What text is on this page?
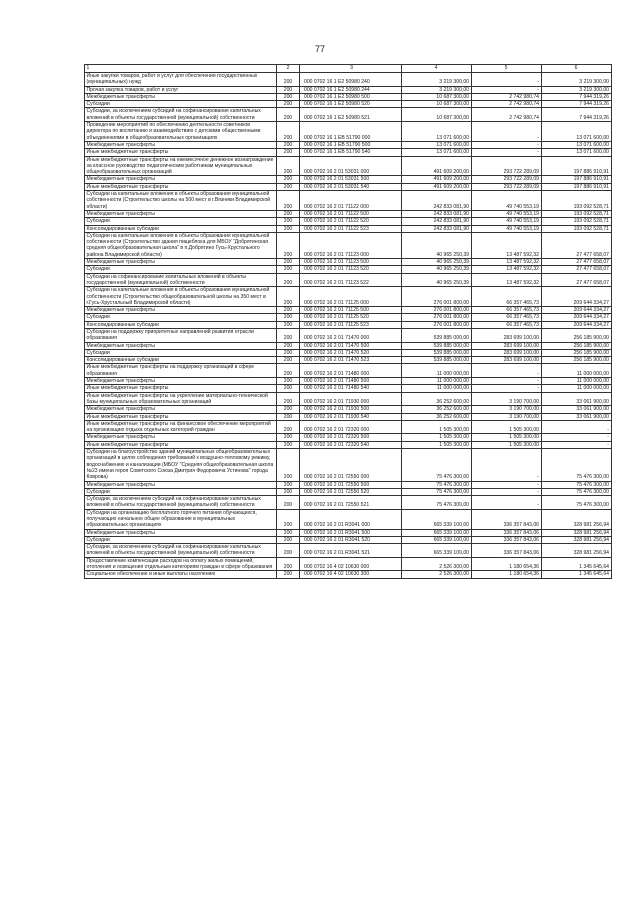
77
1	2	3	4	5	6
Иные закупки товаров, работ и услуг для обеспечения государственных (муниципальных) нужд	200	000 0702 16 1 E2 50980 240	3 219 300,00	-	3 219 300,00
Прочая закупка товаров, работ и услуг	200	000 0702 16 1 E2 50980 244	3 219 300,00	-	3 219 300,00
Межбюджетные трансферты	200	000 0702 16 1 E2 50980 500	10 687 300,00	2 742 980,74	7 944 319,26
Субсидии	200	000 0702 16 1 E2 50980 520	10 687 300,00	2 742 980,74	7 944 319,26
Субсидии, за исключением субсидий на софинансирование капитальных вложений в объекты государственной (муниципальной) собственности	200	000 0702 16 1 E2 50980 521	10 687 300,00	2 742 980,74	7 944 319,26
Проведение мероприятий по обеспечению деятельности советников директора по воспитанию и взаимодействию с детскими общественными объединениями в общеобразовательных организациях	200	000 0702 16 1 EB 51790 000	13 071 600,00	-	13 071 600,00
Межбюджетные трансферты	200	000 0702 16 1 EB 51790 500	13 071 600,00	-	13 071 600,00
Иные межбюджетные трансферты	200	000 0702 16 1 EB 51790 540	13 071 600,00	-	13 071 600,00
Иные межбюджетные трансферты на ежемесячное денежное вознаграждение за классное руководство педагогическим работникам муниципальных общеобразовательных организаций	200	000 0702 16 2 01 53031 000	491 609 200,00	293 722 289,09	197 886 910,91
Межбюджетные трансферты	200	000 0702 16 2 01 53031 500	491 609 200,00	293 722 289,09	197 886 910,91
Иные межбюджетные трансферты	200	000 0702 16 2 01 53031 540	491 609 200,00	293 722 289,09	197 886 910,91
Субсидии на капитальные вложения в объекты образования муниципальной собственности (Строительство школы на 500 мест в г.Вязники Владимирской области)	200	000 0702 16 2 01 71122 000	242 833 081,90	49 740 553,19	193 092 528,71
Межбюджетные трансферты	200	000 0702 16 2 01 71122 500	242 833 081,90	49 740 553,19	193 092 528,71
Субсидии	200	000 0702 16 2 01 71122 520	242 833 081,90	49 740 553,19	193 092 528,71
Консолидированные субсидии	200	000 0702 16 2 01 71122 523	242 833 081,90	49 740 553,19	193 092 528,71
Субсидии на капитальные вложения в объекты образования муниципальной собственности (Строительство здания пищеблока для МБОУ "Добрятинская средняя общеобразовательная школа" в п.Добрятино Гусь-Хрустального района Владимирской области)	200	000 0702 16 2 01 71123 000	40 965 250,39	13 487 592,32	27 477 658,07
Межбюджетные трансферты	200	000 0702 16 2 01 71123 500	40 965 250,39	13 487 592,32	27 477 658,07
Субсидии	200	000 0702 16 2 01 71123 520	40 965 250,39	13 487 592,32	27 477 658,07
Субсидии на софинансирование капитальных вложений в объекты государственной (муниципальной) собственности	200	000 0702 16 2 01 71123 522	40 965 250,39	13 487 592,32	27 477 658,07
Субсидии на капитальные вложения в объекты образования муниципальной собственности (Строительство общеобразовательной школы на 350 мест в г.Гусь-Хрустальный Владимирской области)	200	000 0702 16 2 01 71125 000	276 001 800,00	66 357 465,73	209 644 334,27
Межбюджетные трансферты	200	000 0702 16 2 01 71125 500	276 001 800,00	66 357 465,73	209 644 334,27
Субсидии	200	000 0702 16 2 01 71125 520	276 001 800,00	66 357 465,73	209 644 334,27
Консолидированные субсидии	200	000 0702 16 2 01 71125 523	276 001 800,00	66 357 465,73	209 644 334,27
Субсидии на поддержку приоритетных направлений развития отрасли образования	200	000 0702 16 2 01 71470 000	539 885 000,00	283 699 100,00	256 185 900,00
Межбюджетные трансферты	200	000 0702 16 2 01 71470 500	539 885 000,00	283 699 100,00	256 185 900,00
Субсидии	200	000 0702 16 2 01 71470 520	539 885 000,00	283 699 100,00	256 185 900,00
Консолидированные субсидии	200	000 0702 16 2 01 71470 523	539 885 000,00	283 699 100,00	256 185 900,00
Иные межбюджетные трансферты на поддержку организаций в сфере образования	200	000 0702 16 2 01 71480 000	11 000 000,00	-	11 000 000,00
Межбюджетные трансферты	200	000 0702 16 2 01 71480 500	11 000 000,00	-	11 000 000,00
Иные межбюджетные трансферты	200	000 0702 16 2 01 71480 540	11 000 000,00	-	11 000 000,00
Иные межбюджетные трансферты на укрепление материально-технической базы муниципальных образовательных организаций	200	000 0702 16 2 01 71930 000	36 252 600,00	3 190 700,00	33 061 900,00
Межбюджетные трансферты	200	000 0702 16 2 01 71930 500	36 252 600,00	3 190 700,00	33 061 900,00
Иные межбюджетные трансферты	200	000 0702 16 2 01 71930 540	36 252 600,00	3 190 700,00	33 061 900,00
Иные межбюджетные трансферты на финансовое обеспечение мероприятий на организацию отдыха отдельных категорий граждан	200	000 0702 16 2 01 72320 000	1 505 300,00	1 505 300,00	-
Межбюджетные трансферты	200	000 0702 16 2 01 72320 500	1 505 300,00	1 505 300,00	-
Иные межбюджетные трансферты	200	000 0702 16 2 01 72320 540	1 505 300,00	1 505 300,00	-
Субсидии на благоустройство зданий муниципальных общеобразовательных организаций в целях соблюдения требований к воздушно-тепловому режиму, водоснабжению и канализации (МБОУ "Средняя общеобразовательная школа №23 имени героя Советского Союза Дмитрия Федоровича Устинова" города Коврова)	200	000 0702 16 2 01 72550 000	75 476 300,00	-	75 476 300,00
Межбюджетные трансферты	200	000 0702 16 2 01 72550 500	75 476 300,00	-	75 476 300,00
Субсидии	200	000 0702 16 2 01 72550 520	75 476 300,00	-	75 476 300,00
Субсидии, за исключением субсидий на софинансирование капитальных вложений в объекты государственной (муниципальной) собственности	200	000 0702 16 2 01 72550 521	75 476 300,00	-	75 476 300,00
Субсидии на организацию бесплатного горячего питания обучающихся, получающих начальное общее образование в муниципальных образовательных организациях	200	000 0702 16 2 01 R3041 000	665 339 100,00	336 357 843,06	328 981 256,94
Межбюджетные трансферты	200	000 0702 16 2 01 R3041 500	665 339 100,00	336 357 843,06	328 981 256,94
Субсидии	200	000 0702 16 2 01 R3041 520	665 339 100,00	336 357 843,06	328 981 256,94
Субсидии, за исключением субсидий на софинансирование капитальных вложений в объекты государственной (муниципальной) собственности	200	000 0702 16 2 01 R3041 521	665 339 100,00	336 357 843,06	328 981 256,94
Предоставление компенсации расходов на оплату жилых помещений, отопления и освещения отдельным категориям граждан в сфере образования	200	000 0702 16 4 02 10630 000	2 526 300,00	1 180 654,36	1 345 645,64
Социальное обеспечение и иные выплаты населению	200	000 0702 16 4 02 10630 300	2 526 300,00	1 180 654,36	1 345 645,64
